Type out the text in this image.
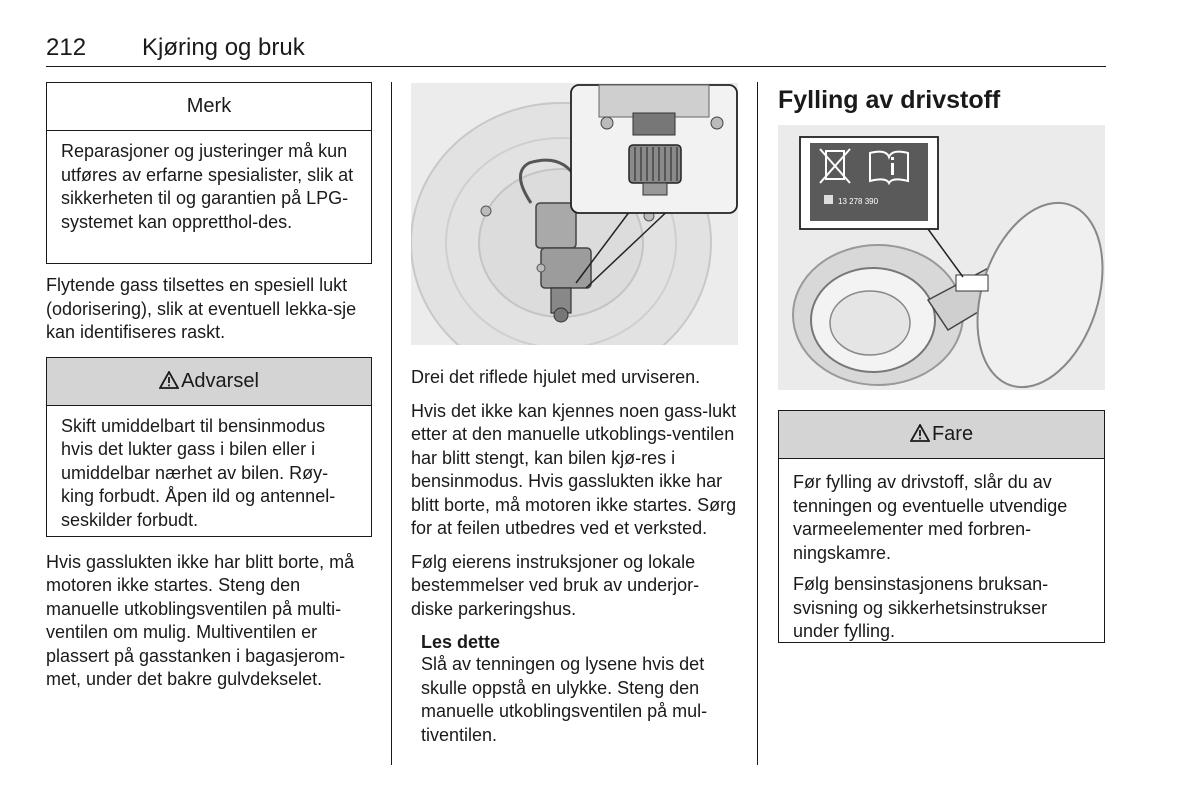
212 Kjøring og bruk
Merk

Reparasjoner og justeringer må kun utføres av erfarne spesialister, slik at sikkerheten til og garantien på LPG-systemet kan oppretthol-des.

Flytende gass tilsettes en spesiell lukt (odorisering), slik at eventuell lekka-sje kan identifiseres raskt.

Advarsel

Skift umiddelbart til bensinmodus hvis det lukter gass i bilen eller i umiddelbar nærhet av bilen. Røy-king forbudt. Åpen ild og antennel-seskilder forbudt.

Hvis gasslukten ikke har blitt borte, må motoren ikke startes. Steng den manuelle utkoblingsventilen på multi-ventilen om mulig. Multiventilen er plassert på gasstanken i bagasjerom-met, under det bakre gulvdekselet.

Drei det riflede hjulet med urviseren.

Hvis det ikke kan kjennes noen gass-lukt etter at den manuelle utkoblings-ventilen har blitt stengt, kan bilen kjø-res i bensinmodus. Hvis gasslukten ikke har blitt borte, må motoren ikke startes. Sørg for at feilen utbedres ved et verksted.

Følg eierens instruksjoner og lokale bestemmelser ved bruk av underjor-diske parkeringshus.

Les dette
Slå av tenningen og lysene hvis det skulle oppstå en ulykke. Steng den manuelle utkoblingsventilen på mul-tiventilen.
Fylling av drivstoff
13 278 390
Fare

Før fylling av drivstoff, slår du av tenningen og eventuelle utvendige varmeelementer med forbren-ningskamre.

Følg bensinstasjonens bruksan-svisning og sikkerhetsinstrukser under fylling.
